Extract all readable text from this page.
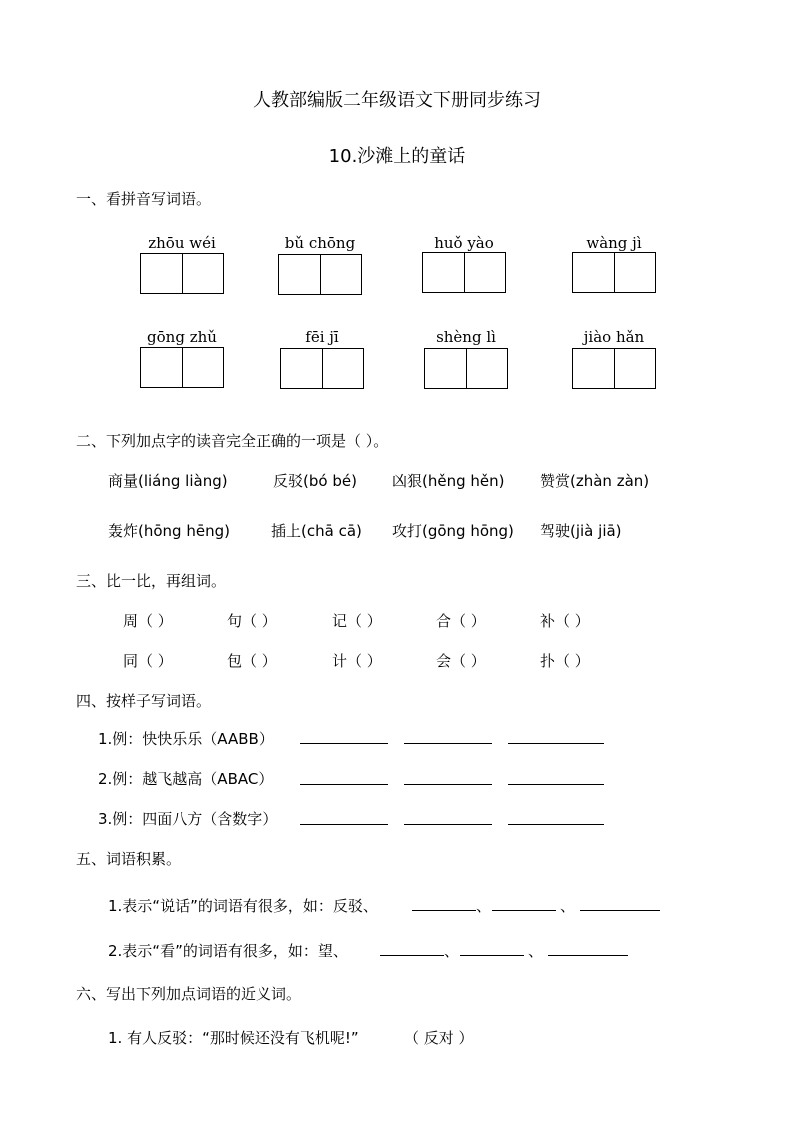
人教部编版二年级语文下册同步练习
10.沙滩上的童话
一、看拼音写词语。
zhōu wéi	bǔ chōng	huǒ yào	wàng jì
gōng zhǔ	fēi jī	shèng lì	jiào hǎn
二、下列加点字的读音完全正确的一项是（ ）。
商量(liáng liàng)	反驳(bó bé) 凶狠(hěng hěn) 赞赏(zhàn zàn)
轰炸(hōng hēng)	插上(chā cā) 攻打(gōng hōng) 驾驶(jià jiā)
三、比一比，再组词。
周（ ）	句（ ）	记（ ）	合（ ）	补（ ）
同（ ）	包（ ）	计（ ）	会（ ）	扑（ ）
四、按样子写词语。
1.例：快快乐乐（AABB）
2.例：越飞越高（ABAC）
3.例：四面八方（含数字）
五、词语积累。
1.表示“说话”的词语有很多，如：反驳、	、	、
2.表示“看”的词语有很多，如：望、	、	、
六、写出下列加点词语的近义词。
1. 有人反驳：“那时候还没有飞机呢!”	（ 反对 ）
